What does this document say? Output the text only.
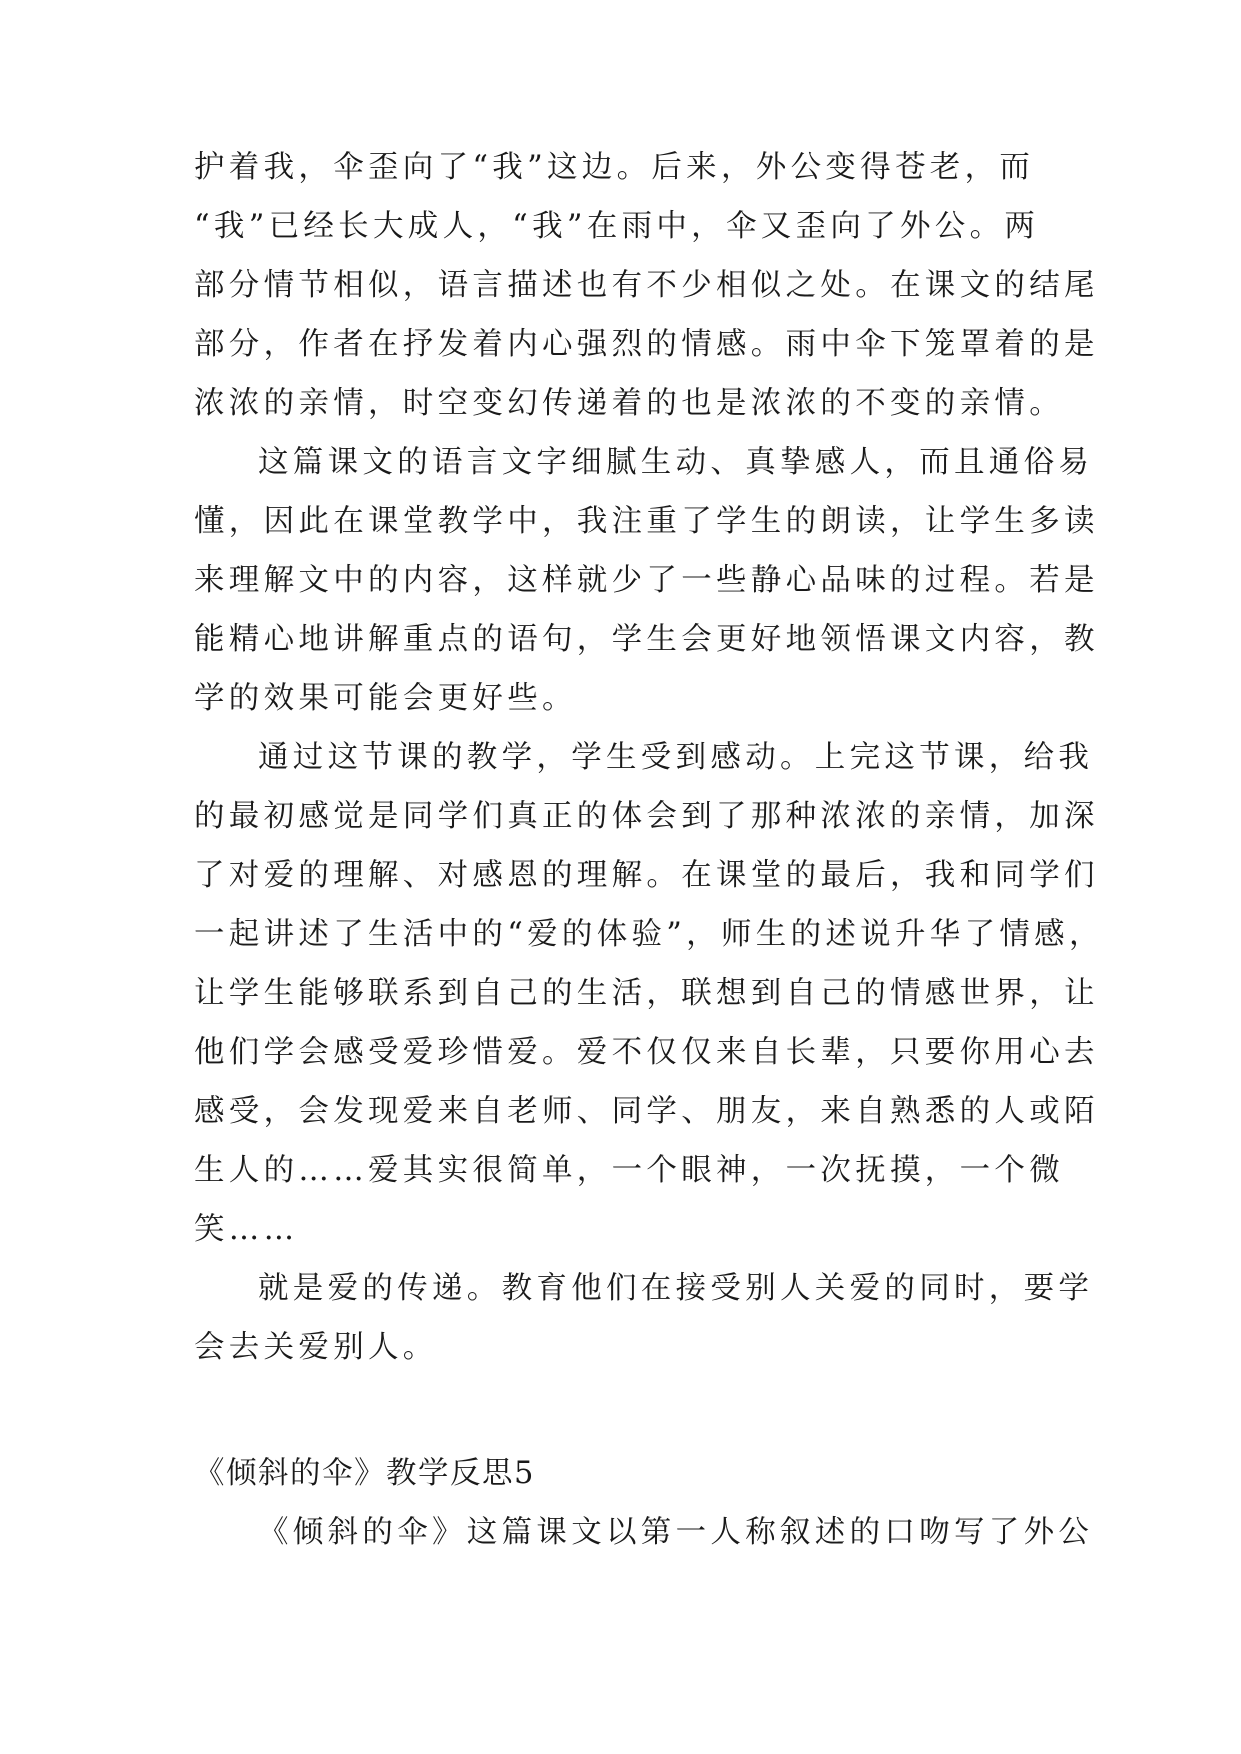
护着我，伞歪向了“我”这边。后来，外公变得苍老，而
“我”已经长大成人，“我”在雨中，伞又歪向了外公。两
部分情节相似，语言描述也有不少相似之处。在课文的结尾
部分，作者在抒发着内心强烈的情感。雨中伞下笼罩着的是
浓浓的亲情，时空变幻传递着的也是浓浓的不变的亲情。
这篇课文的语言文字细腻生动、真挚感人，而且通俗易
懂，因此在课堂教学中，我注重了学生的朗读，让学生多读
来理解文中的内容，这样就少了一些静心品味的过程。若是
能精心地讲解重点的语句，学生会更好地领悟课文内容，教
学的效果可能会更好些。
通过这节课的教学，学生受到感动。上完这节课，给我
的最初感觉是同学们真正的体会到了那种浓浓的亲情，加深
了对爱的理解、对感恩的理解。在课堂的最后，我和同学们
一起讲述了生活中的“爱的体验”，师生的述说升华了情感，
让学生能够联系到自己的生活，联想到自己的情感世界，让
他们学会感受爱珍惜爱。爱不仅仅来自长辈，只要你用心去
感受，会发现爱来自老师、同学、朋友，来自熟悉的人或陌
生人的……爱其实很简单，一个眼神，一次抚摸，一个微
笑……
就是爱的传递。教育他们在接受别人关爱的同时，要学
会去关爱别人。
《倾斜的伞》教学反思5
《倾斜的伞》这篇课文以第一人称叙述的口吻写了外公
